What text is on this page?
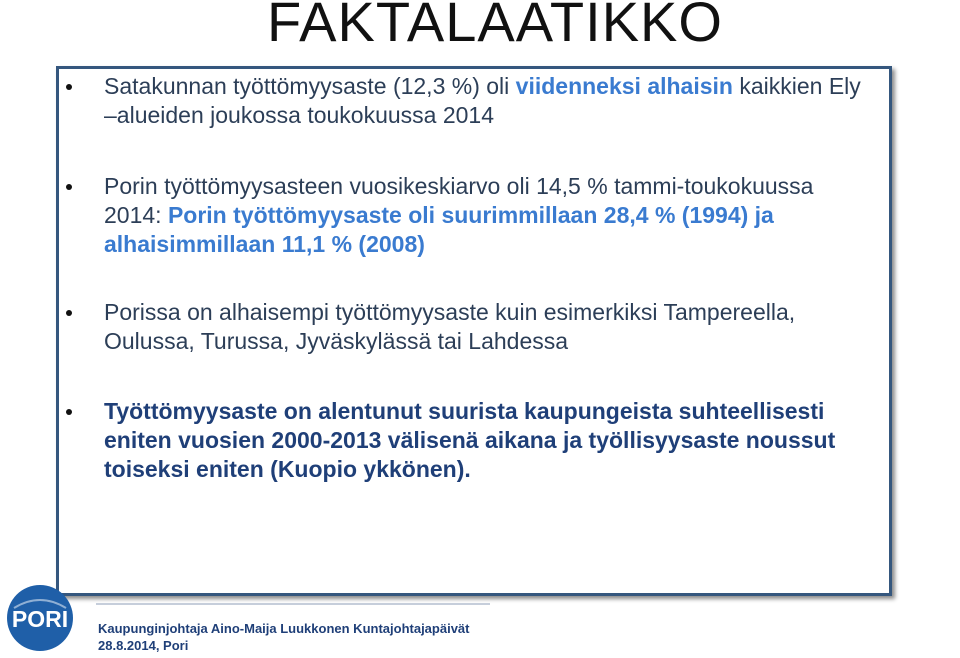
FAKTALAATIKKO
Satakunnan työttömyysaste (12,3 %) oli viidenneksi alhaisin kaikkien Ely –alueiden joukossa toukokuussa 2014
Porin työttömyysasteen vuosikeskiarvo oli 14,5 % tammi-toukokuussa 2014: Porin työttömyysaste oli suurimmillaan 28,4 % (1994) ja alhaisimmillaan 11,1 % (2008)
Porissa on alhaisempi työttömyysaste kuin esimerkiksi Tampereella, Oulussa, Turussa, Jyväskylässä tai Lahdessa
Työttömyysaste on alentunut suurista kaupungeista suhteellisesti eniten vuosien 2000-2013 välisenä aikana ja työllisyysaste noussut toiseksi eniten (Kuopio ykkönen).
PORI Kaupunginjohtaja Aino-Maija Luukkonen Kuntajohtajapäivät
28.8.2014, Pori
